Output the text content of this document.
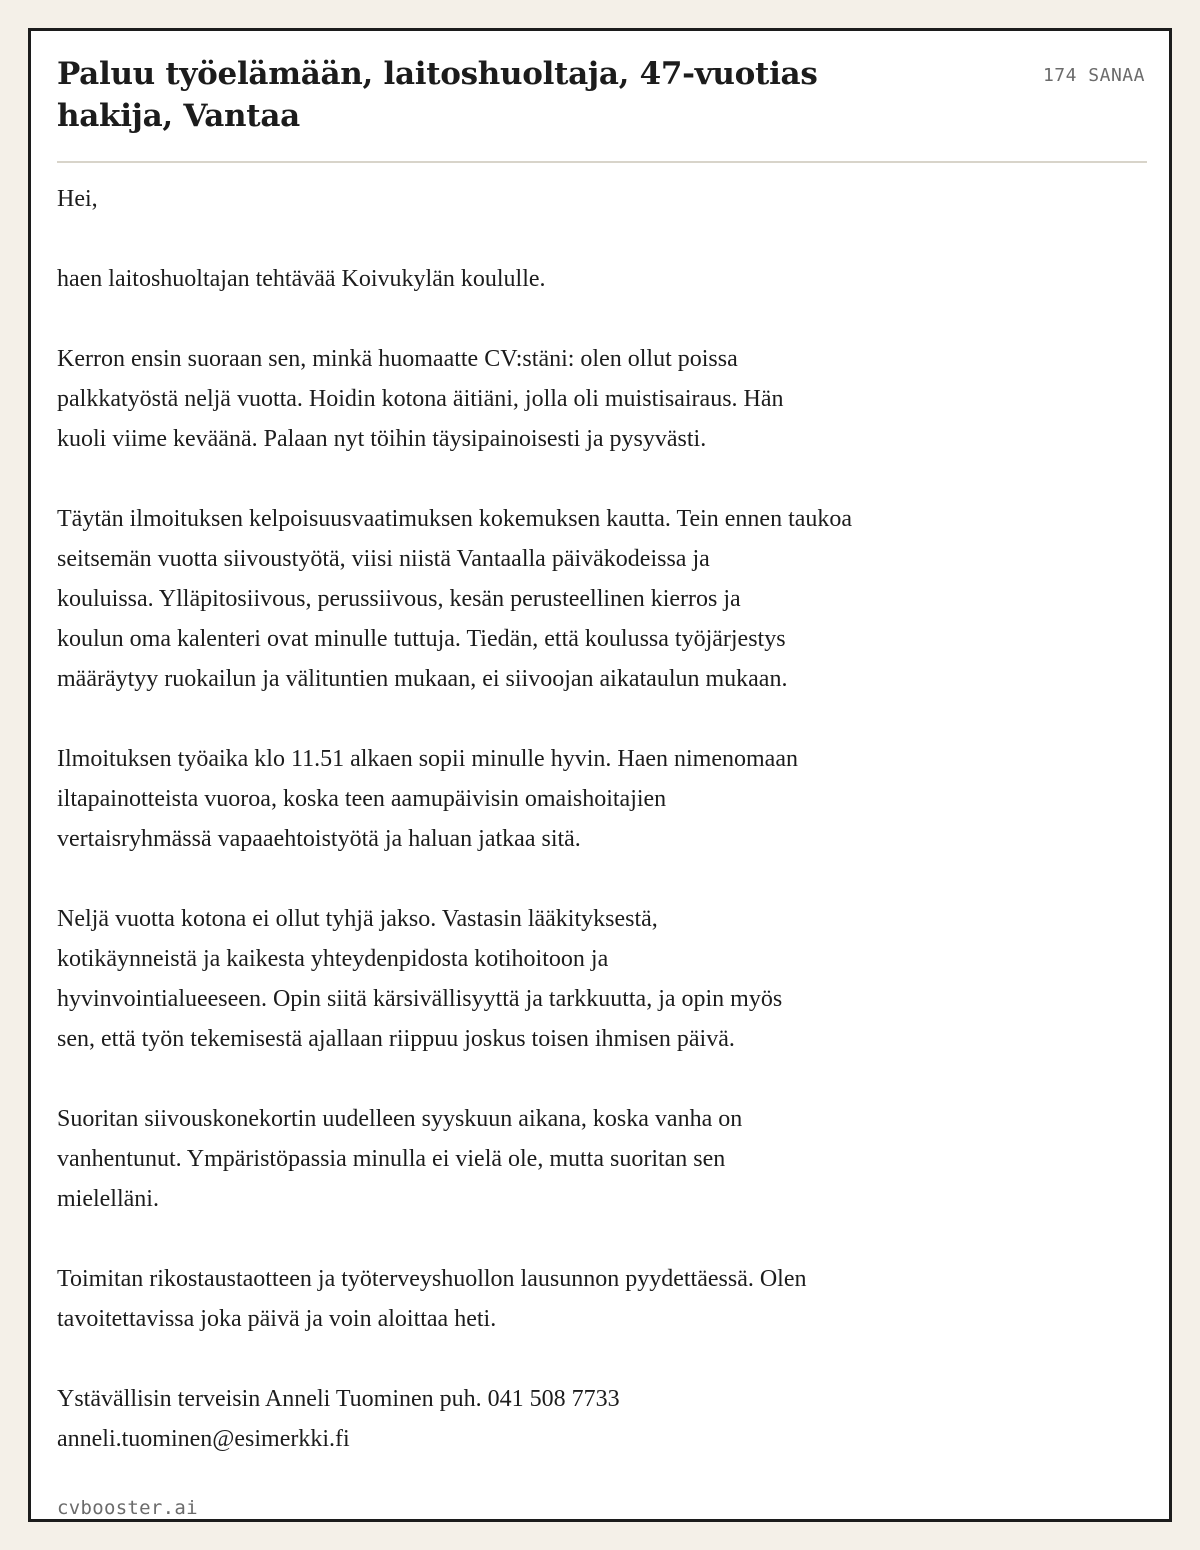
Paluu työelämään, laitoshuoltaja, 47-vuotias
hakija, Vantaa
174 SANAA

Hei,

haen laitoshuoltajan tehtävää Koivukylän koululle.

Kerron ensin suoraan sen, minkä huomaatte CV:stäni: olen ollut poissa
palkkatyöstä neljä vuotta. Hoidin kotona äitiäni, jolla oli muistisairaus. Hän
kuoli viime keväänä. Palaan nyt töihin täysipainoisesti ja pysyvästi.

Täytän ilmoituksen kelpoisuusvaatimuksen kokemuksen kautta. Tein ennen taukoa
seitsemän vuotta siivoustyötä, viisi niistä Vantaalla päiväkodeissa ja
kouluissa. Ylläpitosiivous, perussiivous, kesän perusteellinen kierros ja
koulun oma kalenteri ovat minulle tuttuja. Tiedän, että koulussa työjärjestys
määräytyy ruokailun ja välituntien mukaan, ei siivoojan aikataulun mukaan.

Ilmoituksen työaika klo 11.51 alkaen sopii minulle hyvin. Haen nimenomaan
iltapainotteista vuoroa, koska teen aamupäivisin omaishoitajien
vertaisryhmässä vapaaehtoistyötä ja haluan jatkaa sitä.

Neljä vuotta kotona ei ollut tyhjä jakso. Vastasin lääkityksestä,
kotikäynneistä ja kaikesta yhteydenpidosta kotihoitoon ja
hyvinvointialueeseen. Opin siitä kärsivällisyyttä ja tarkkuutta, ja opin myös
sen, että työn tekemisestä ajallaan riippuu joskus toisen ihmisen päivä.

Suoritan siivouskonekortin uudelleen syyskuun aikana, koska vanha on
vanhentunut. Ympäristöpassia minulla ei vielä ole, mutta suoritan sen
mielelläni.

Toimitan rikostaustaotteen ja työterveyshuollon lausunnon pyydettäessä. Olen
tavoitettavissa joka päivä ja voin aloittaa heti.

Ystävällisin terveisin Anneli Tuominen puh. 041 508 7733
anneli.tuominen@esimerkki.fi

cvbooster.ai
